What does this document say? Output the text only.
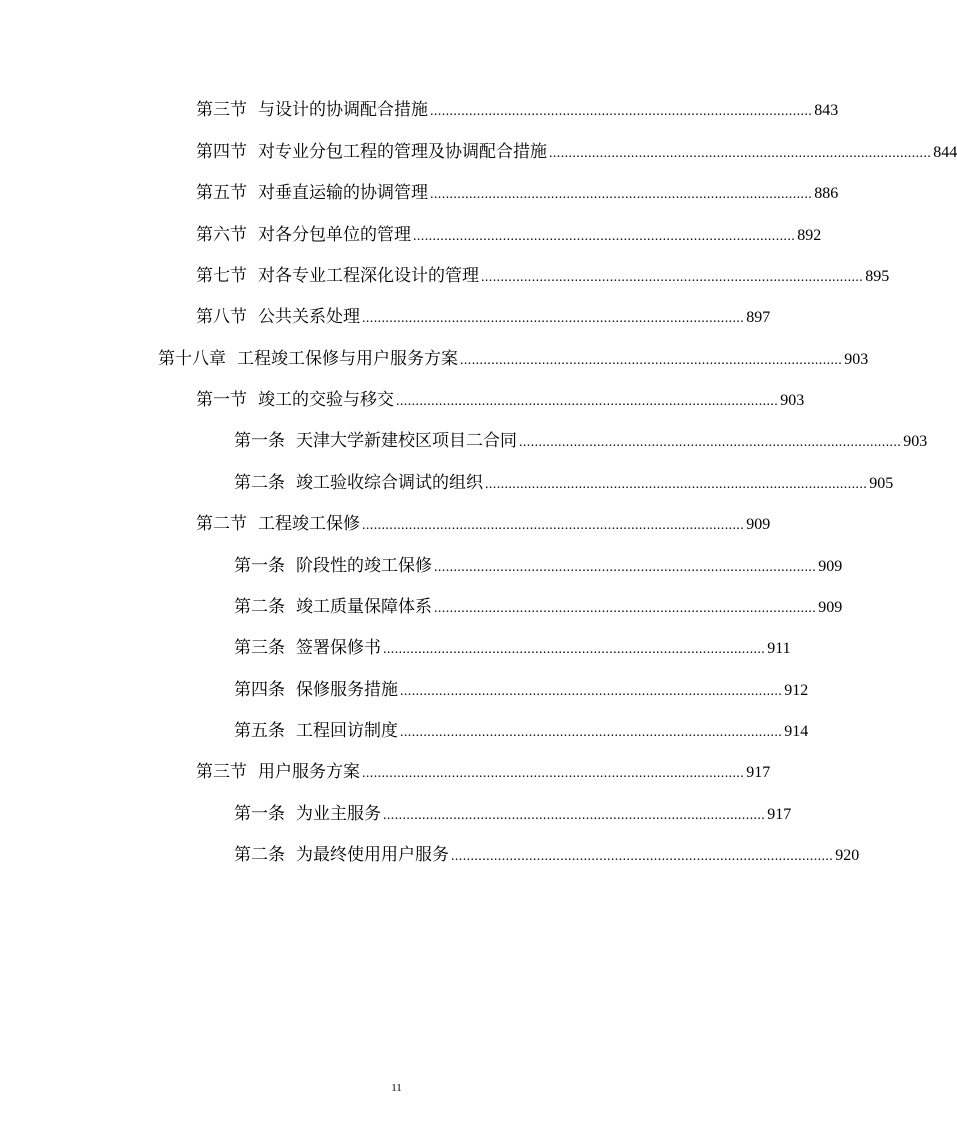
第三节 与设计的协调配合措施 .................................................................................................. 843
第四节 对专业分包工程的管理及协调配合措施 .................................................................................................. 844
第五节 对垂直运输的协调管理 .................................................................................................. 886
第六节 对各分包单位的管理 .................................................................................................. 892
第七节 对各专业工程深化设计的管理 .................................................................................................. 895
第八节 公共关系处理 .................................................................................................. 897
第十八章 工程竣工保修与用户服务方案 .................................................................................................. 903
第一节 竣工的交验与移交 .................................................................................................. 903
第一条 天津大学新建校区项目二合同 .................................................................................................. 903
第二条 竣工验收综合调试的组织 .................................................................................................. 905
第二节 工程竣工保修 .................................................................................................. 909
第一条 阶段性的竣工保修 .................................................................................................. 909
第二条 竣工质量保障体系 .................................................................................................. 909
第三条 签署保修书 .................................................................................................. 911
第四条 保修服务措施 .................................................................................................. 912
第五条 工程回访制度 .................................................................................................. 914
第三节 用户服务方案 .................................................................................................. 917
第一条 为业主服务 .................................................................................................. 917
第二条 为最终使用用户服务 .................................................................................................. 920
11
